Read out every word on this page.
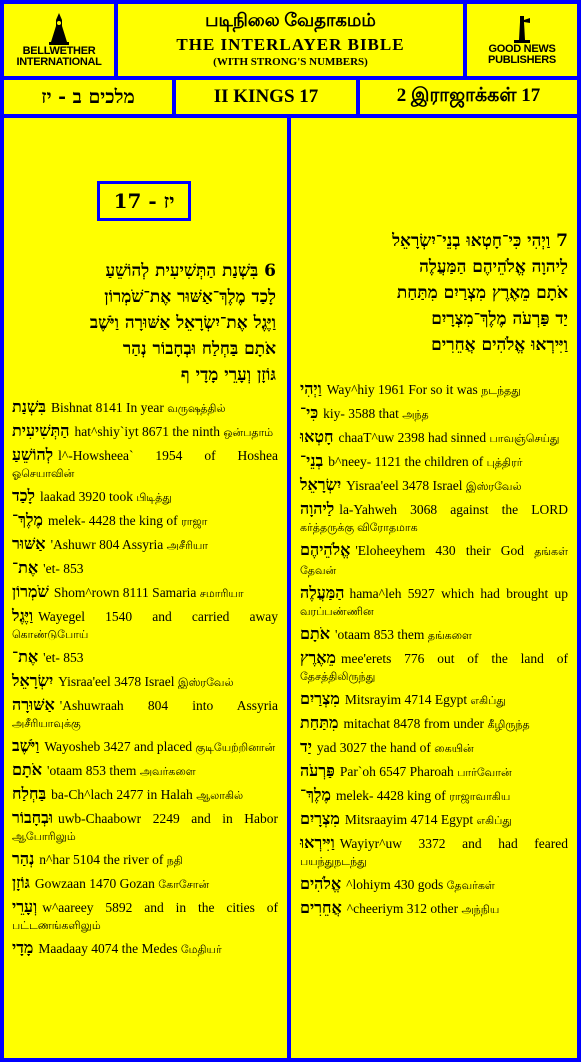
BELLWETHER
INTERNATIONAL
படிநிலை வேதாகமம்
THE INTERLAYER BIBLE
(WITH STRONG'S NUMBERS)
GOOD NEWS
PUBLISHERS
מלכים ב - יז	II KINGS 17	2 இராஜாக்கள் 17
יז - 17
6 בִּשְׁנַת הַתְּשִׁיעִית לְהוֹשֵׁעַ
לָכַד מֶלֶךְ־אַשּׁוּר אֶת־שֹׁמְרוֹן
וַיֶּגֶל אֶת־יִשְׂרָאֵל אַשּׁוּרָה וַיֹּשֶׁב
אֹתָם בַּחְלַח וּבְחָבוֹר נְהַר
גּוֹזָן וְעָרֵי מָדָי ף
בִּשְׁנַת Bishnat 8141 In year வருஷத்தில்
הַתְּשִׁיעִית hat^shiy`iyt 8671 the ninth ஒன்பதாம்
לְהוֹשֵׁעַ l^-Howsheea` 1954 of Hoshea ஓசெயாவின்
לָכַד laakad 3920 took பிடித்து
מֶלֶךְ־ melek- 4428 the king of ராஜா
אַשּׁוּר 'Ashuwr 804 Assyria அசீரியா
אֶת־ 'et- 853
שֹׁמְרוֹן Shom^rown 8111 Samaria சமாரியா
וַיֶּגֶל Wayegel 1540 and carried away கொண்டுபோய்
אֶת־ 'et- 853
יִשְׂרָאֵל Yisraa'eel 3478 Israel இஸ்ரவேல்
אַשּׁוּרָה 'Ashuwraah 804 into Assyria அசீரியாவுக்கு
וַיֹּשֶׁב Wayosheb 3427 and placed குடியேற்றினான்
אֹתָם 'otaam 853 them அவர்களை
בַּחְלַח ba-Ch^lach 2477 in Halah ஆலாகில்
וּבְחָבוֹר uwb-Chaabowr 2249 and in Habor ஆபோரிலும்
נְהַר n^har 5104 the river of நதி
גּוֹזָן Gowzaan 1470 Gozan கோசோன்
וְעָרֵי w^aareey 5892 and in the cities of பட்டணங்களிலும்
מָדָי Maadaay 4074 the Medes மேதியர்
7 וַיְהִי כִּי־חָטְאוּ בְנֵי־יִשְׂרָאֵל
לַיהוָה אֱלֹהֵיהֶם הַמַּעֲלֶה
אֹתָם מֵאֶרֶץ מִצְרַיִם מִתַּחַת
יַד פַּרְעֹה מֶלֶךְ־מִצְרָיִם
וַיִּירְאוּ אֱלֹהִים אֲחֵרִים
וַיְהִי Way^hiy 1961 For so it was நடந்தது
כִּי־ kiy- 3588 that அந்த
חָטְאוּ chaaT^uw 2398 had sinned பாவஞ்செய்து
בְנֵי־ b^neey- 1121 the children of புத்திரர்
יִשְׂרָאֵל Yisraa'eel 3478 Israel இஸ்ரவேல்
לַיהוָה la-Yahweh 3068 against the LORD கர்த்தருக்கு விரோதமாக
אֱלֹהֵיהֶם 'Eloheeyhem 430 their God தங்கள் தேவன்
הַמַּעֲלֶה hama^leh 5927 which had brought up வரப்பண்ணின
אֹתָם 'otaam 853 them தங்களை
מֵאֶרֶץ mee'erets 776 out of the land of தேசத்திலிருந்து
מִצְרַיִם Mitsrayim 4714 Egypt எகிப்து
מִתַּחַת mitachat 8478 from under கீழிருந்த
יַד yad 3027 the hand of கையின்
פַּרְעֹה Par`oh 6547 Pharoah பார்வோன்
מֶלֶךְ־ melek- 4428 king of ராஜாவாகிய
מִצְרָיִם Mitsraayim 4714 Egypt எகிப்து
וַיִּירְאוּ Wayiyr^uw 3372 and had feared பயந்துநடந்து
אֱלֹהִים ^lohiym 430 gods தேவர்கள்
אֲחֵרִים ^cheeriym 312 other அந்நிய
